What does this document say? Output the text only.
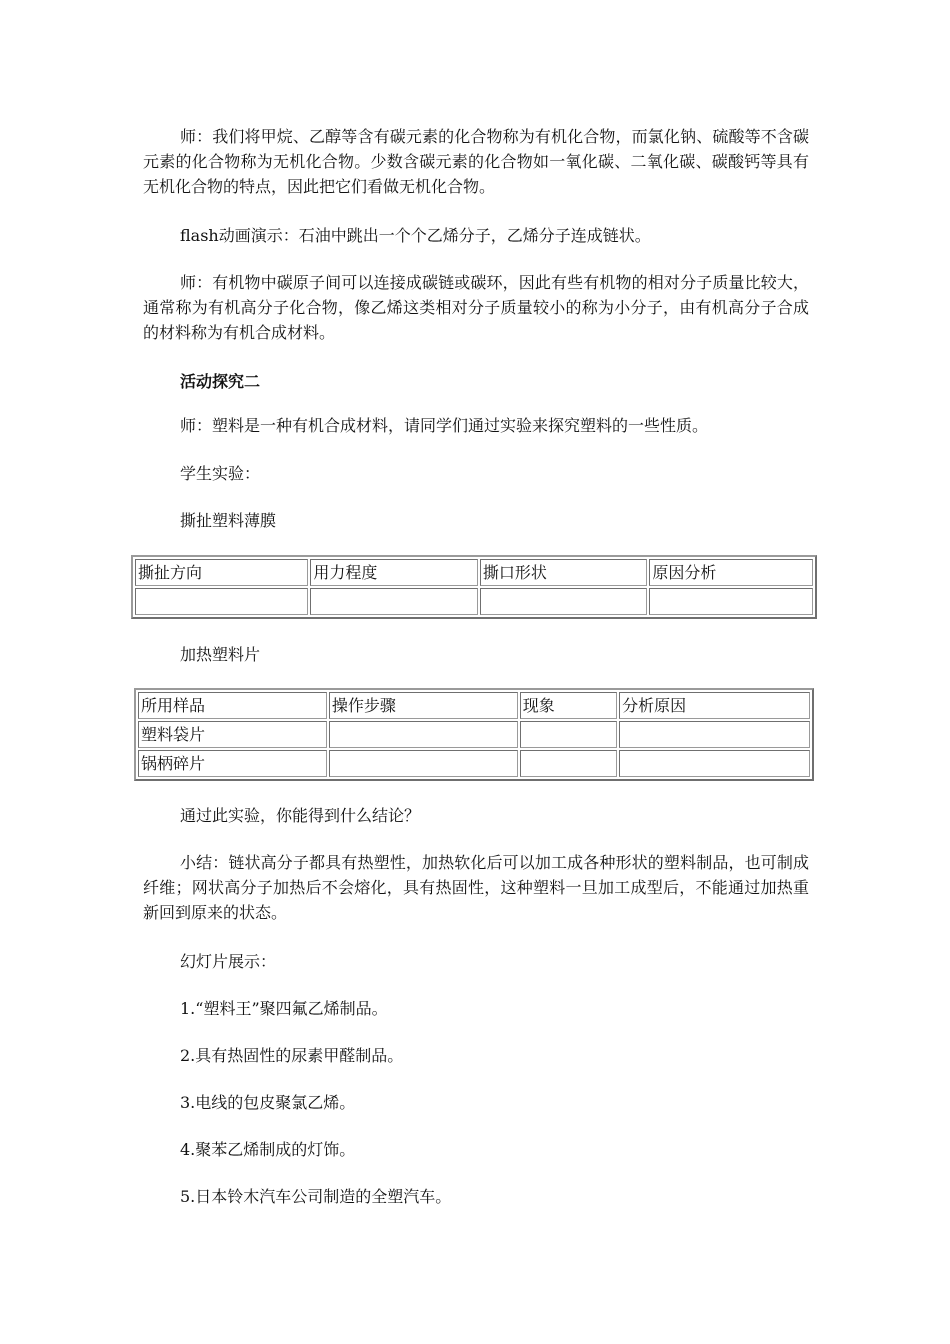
师：我们将甲烷、乙醇等含有碳元素的化合物称为有机化合物，而氯化钠、硫酸等不含碳元素的化合物称为无机化合物。少数含碳元素的化合物如一氧化碳、二氧化碳、碳酸钙等具有无机化合物的特点，因此把它们看做无机化合物。

flash动画演示：石油中跳出一个个乙烯分子，乙烯分子连成链状。

师：有机物中碳原子间可以连接成碳链或碳环，因此有些有机物的相对分子质量比较大，通常称为有机高分子化合物，像乙烯这类相对分子质量较小的称为小分子，由有机高分子合成的材料称为有机合成材料。

活动探究二

师：塑料是一种有机合成材料，请同学们通过实验来探究塑料的一些性质。

学生实验：

撕扯塑料薄膜

撕扯方向	用力程度	撕口形状	原因分析

加热塑料片

所用样品	操作步骤	现象	分析原因
塑料袋片			
锅柄碎片			

通过此实验，你能得到什么结论？

小结：链状高分子都具有热塑性，加热软化后可以加工成各种形状的塑料制品，也可制成纤维；网状高分子加热后不会熔化，具有热固性，这种塑料一旦加工成型后，不能通过加热重新回到原来的状态。

幻灯片展示：

1.“塑料王”聚四氟乙烯制品。

2.具有热固性的尿素甲醛制品。

3.电线的包皮聚氯乙烯。

4.聚苯乙烯制成的灯饰。

5.日本铃木汽车公司制造的全塑汽车。
